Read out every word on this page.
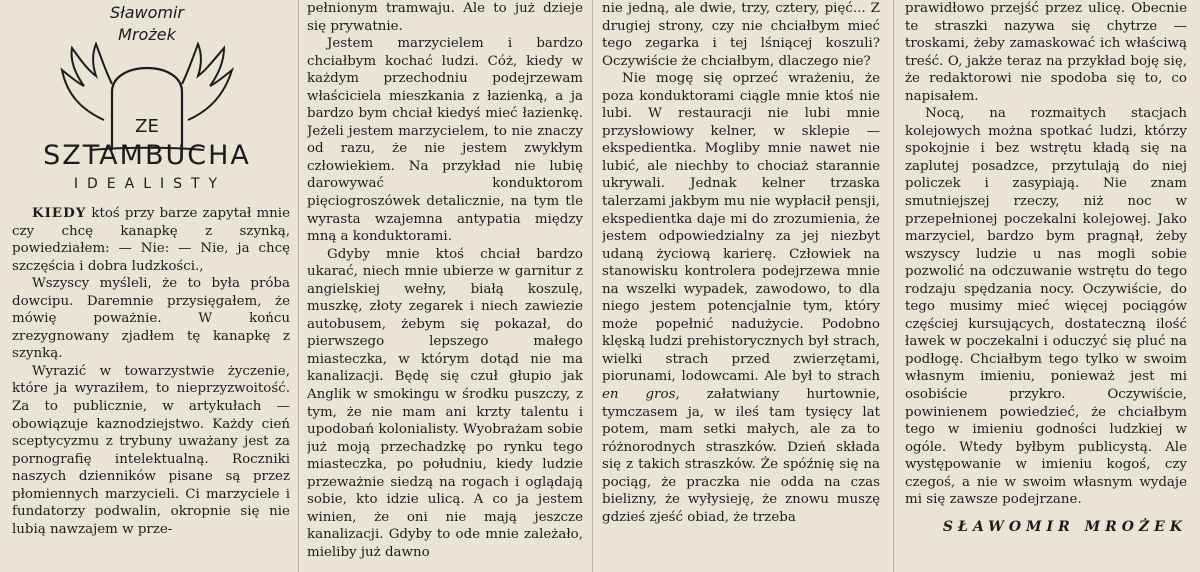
Sławomir
Mrożek
ZE
SZTAMBUCHA
IDEALISTY

KIEDY ktoś przy barze zapytał mnie czy chcę kanapkę z szynką, powiedziałem: — Nie: — Nie, ja chcę szczęścia i dobra ludzkości.,

Wszyscy myśleli, że to była próba dowcipu. Daremnie przysięgałem, że mówię poważnie. W końcu zrezygnowany zjadłem tę kanapkę z szynką.

Wyrazić w towarzystwie życzenie, które ja wyraziłem, to nieprzyzwoitość. Za to publicznie, w artykułach — obowiązuje kaznodziejstwo. Każdy cień sceptycyzmu z trybuny uważany jest za pornografię intelektualną. Roczniki naszych dzienników pisane są przez płomiennych marzycieli. Ci marzyciele i fundatorzy podwalin, okropnie się nie lubią nawzajem w prze-

pełnionym tramwaju. Ale to już dzieje się prywatnie.

Jestem marzycielem i bardzo chciałbym kochać ludzi. Cóż, kiedy w każdym przechodniu podejrzewam właściciela mieszkania z łazienką, a ja bardzo bym chciał kiedyś mieć łazienkę. Jeżeli jestem marzycielem, to nie znaczy od razu, że nie jestem zwykłym człowiekiem. Na przykład nie lubię darowywać konduktorom pięciogroszówek detalicznie, na tym tle wyrasta wzajemna antypatia między mną a konduktorami.

Gdyby mnie ktoś chciał bardzo ukarać, niech mnie ubierze w garnitur z angielskiej wełny, białą koszulę, muszkę, złoty zegarek i niech zawiezie autobusem, żebym się pokazał, do pierwszego lepszego małego miasteczka, w którym dotąd nie ma kanalizacji. Będę się czuł głupio jak Anglik w smokingu w środku puszczy, z tym, że nie mam ani krzty talentu i upodobań kolonialisty. Wyobrażam sobie już moją przechadzkę po rynku tego miasteczka, po południu, kiedy ludzie przeważnie siedzą na rogach i oglądają sobie, kto idzie ulicą. A co ja jestem winien, że oni nie mają jeszcze kanalizacji. Gdyby to ode mnie zależało, mieliby już dawno

nie jedną, ale dwie, trzy, cztery, pięć... Z drugiej strony, czy nie chciałbym mieć tego zegarka i tej lśniącej koszuli? Oczywiście że chciałbym, dlaczego nie?

Nie mogę się oprzeć wrażeniu, że poza konduktorami ciągle mnie ktoś nie lubi. W restauracji nie lubi mnie przysłowiowy kelner, w sklepie — ekspedientka. Mogliby mnie nawet nie lubić, ale niechby to chociaż starannie ukrywali. Jednak kelner trzaska talerzami jakbym mu nie wypłacił pensji, ekspedientka daje mi do zrozumienia, że jestem odpowiedzialny za jej niezbyt udaną życiową karierę. Człowiek na stanowisku kontrolera podejrzewa mnie na wszelki wypadek, zawodowo, to dla niego jestem potencjalnie tym, który może popełnić nadużycie. Podobno klęską ludzi prehistorycznych był strach, wielki strach przed zwierzętami, piorunami, lodowcami. Ale był to strach en gros, załatwiany hurtownie, tymczasem ja, w ileś tam tysięcy lat potem, mam setki małych, ale za to różnorodnych straszków. Dzień składa się z takich straszków. Że spóźnię się na pociąg, że praczka nie odda na czas bielizny, że wyłysieję, że znowu muszę gdzieś zjeść obiad, że trzeba

prawidłowo przejść przez ulicę. Obecnie te straszki nazywa się chytrze — troskami, żeby zamaskować ich właściwą treść. O, jakże teraz na przykład boję się, że redaktorowi nie spodoba się to, co napisałem.

Nocą, na rozmaitych stacjach kolejowych można spotkać ludzi, którzy spokojnie i bez wstrętu kładą się na zaplutej posadzce, przytulają do niej policzek i zasypiają. Nie znam smutniejszej rzeczy, niż noc w przepełnionej poczekalni kolejowej. Jako marzyciel, bardzo bym pragnął, żeby wszyscy ludzie u nas mogli sobie pozwolić na odczuwanie wstrętu do tego rodzaju spędzania nocy. Oczywiście, do tego musimy mieć więcej pociągów częściej kursujących, dostateczną ilość ławek w poczekalni i oduczyć się pluć na podłogę. Chciałbym tego tylko w swoim własnym imieniu, ponieważ jest mi osobiście przykro. Oczywiście, powinienem powiedzieć, że chciałbym tego w imieniu godności ludzkiej w ogóle. Wtedy byłbym publicystą. Ale występowanie w imieniu kogoś, czy czegoś, a nie w swoim własnym wydaje mi się zawsze podejrzane.

SŁAWOMIR MROŻEK
